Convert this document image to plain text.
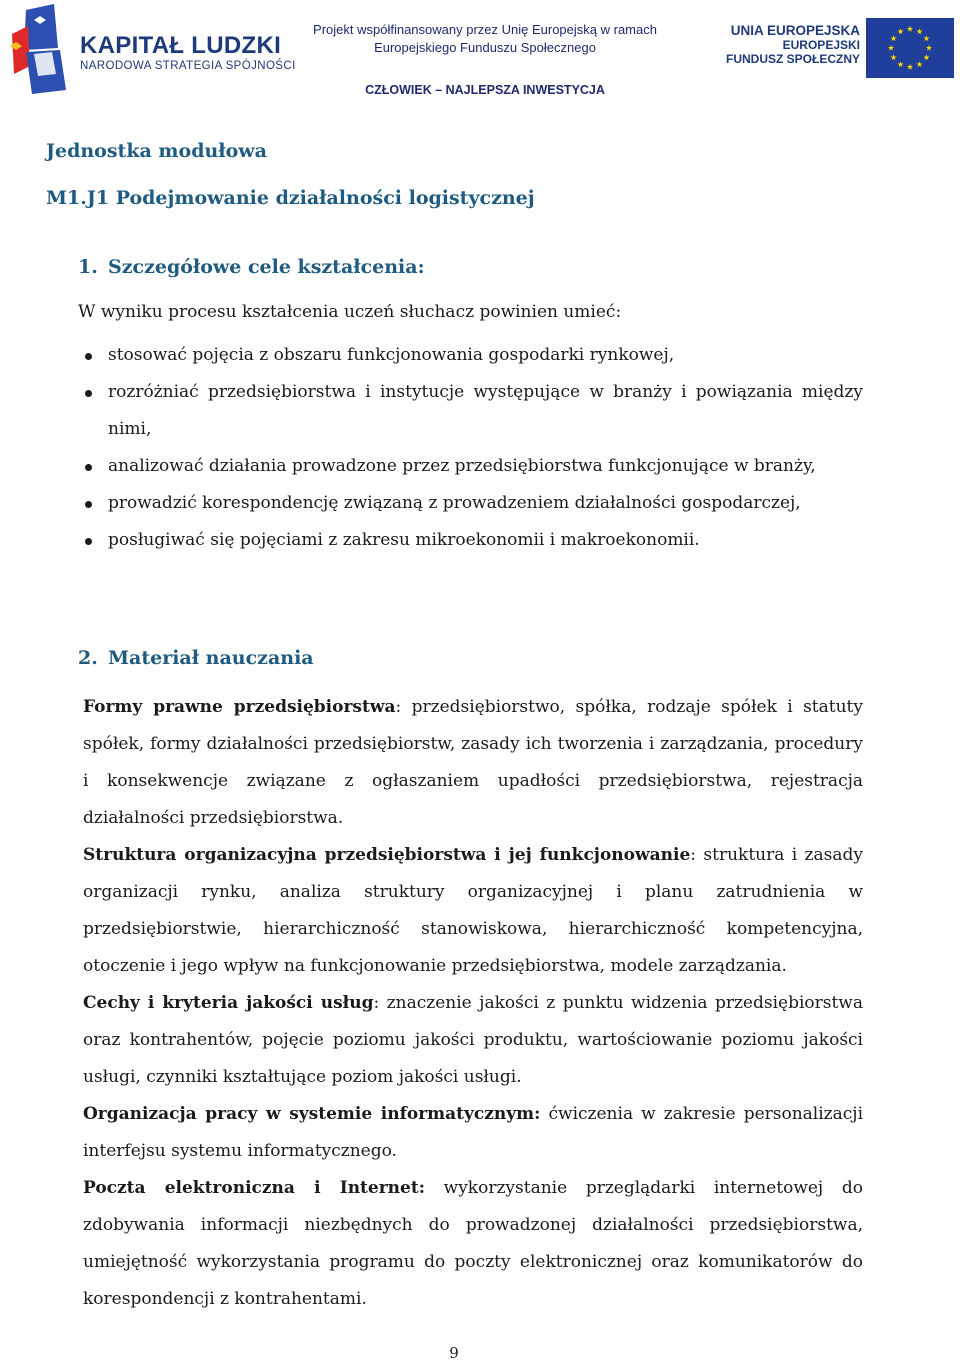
KAPITAŁ LUDZKI
NARODOWA STRATEGIA SPÓJNOŚCI
Projekt współfinansowany przez Unię Europejską w ramach
Europejskiego Funduszu Społecznego
CZŁOWIEK – NAJLEPSZA INWESTYCJA
UNIA EUROPEJSKA
EUROPEJSKI
FUNDUSZ SPOŁECZNY
Jednostka modułowa
M1.J1 Podejmowanie działalności logistycznej
1. Szczegółowe cele kształcenia:
W wyniku procesu kształcenia uczeń słuchacz powinien umieć:
stosować pojęcia z obszaru funkcjonowania gospodarki rynkowej,
rozróżniać przedsiębiorstwa i instytucje występujące w branży i powiązania między nimi,
analizować działania prowadzone przez przedsiębiorstwa funkcjonujące w branży,
prowadzić korespondencję związaną z prowadzeniem działalności gospodarczej,
posługiwać się pojęciami z zakresu mikroekonomii i makroekonomii.
2. Materiał nauczania

Formy prawne przedsiębiorstwa: przedsiębiorstwo, spółka, rodzaje spółek i statuty spółek, formy działalności przedsiębiorstw, zasady ich tworzenia i zarządzania, procedury i konsekwencje związane z ogłaszaniem upadłości przedsiębiorstwa, rejestracja działalności przedsiębiorstwa.

Struktura organizacyjna przedsiębiorstwa i jej funkcjonowanie: struktura i zasady organizacji rynku, analiza struktury organizacyjnej i planu zatrudnienia w przedsiębiorstwie, hierarchiczność stanowiskowa, hierarchiczność kompetencyjna, otoczenie i jego wpływ na funkcjonowanie przedsiębiorstwa, modele zarządzania.

Cechy i kryteria jakości usług: znaczenie jakości z punktu widzenia przedsiębiorstwa oraz kontrahentów, pojęcie poziomu jakości produktu, wartościowanie poziomu jakości usługi, czynniki kształtujące poziom jakości usługi.

Organizacja pracy w systemie informatycznym: ćwiczenia w zakresie personalizacji interfejsu systemu informatycznego.

Poczta elektroniczna i Internet: wykorzystanie przeglądarki internetowej do zdobywania informacji niezbędnych do prowadzonej działalności przedsiębiorstwa, umiejętność wykorzystania programu do poczty elektronicznej oraz komunikatorów do korespondencji z kontrahentami.

9
